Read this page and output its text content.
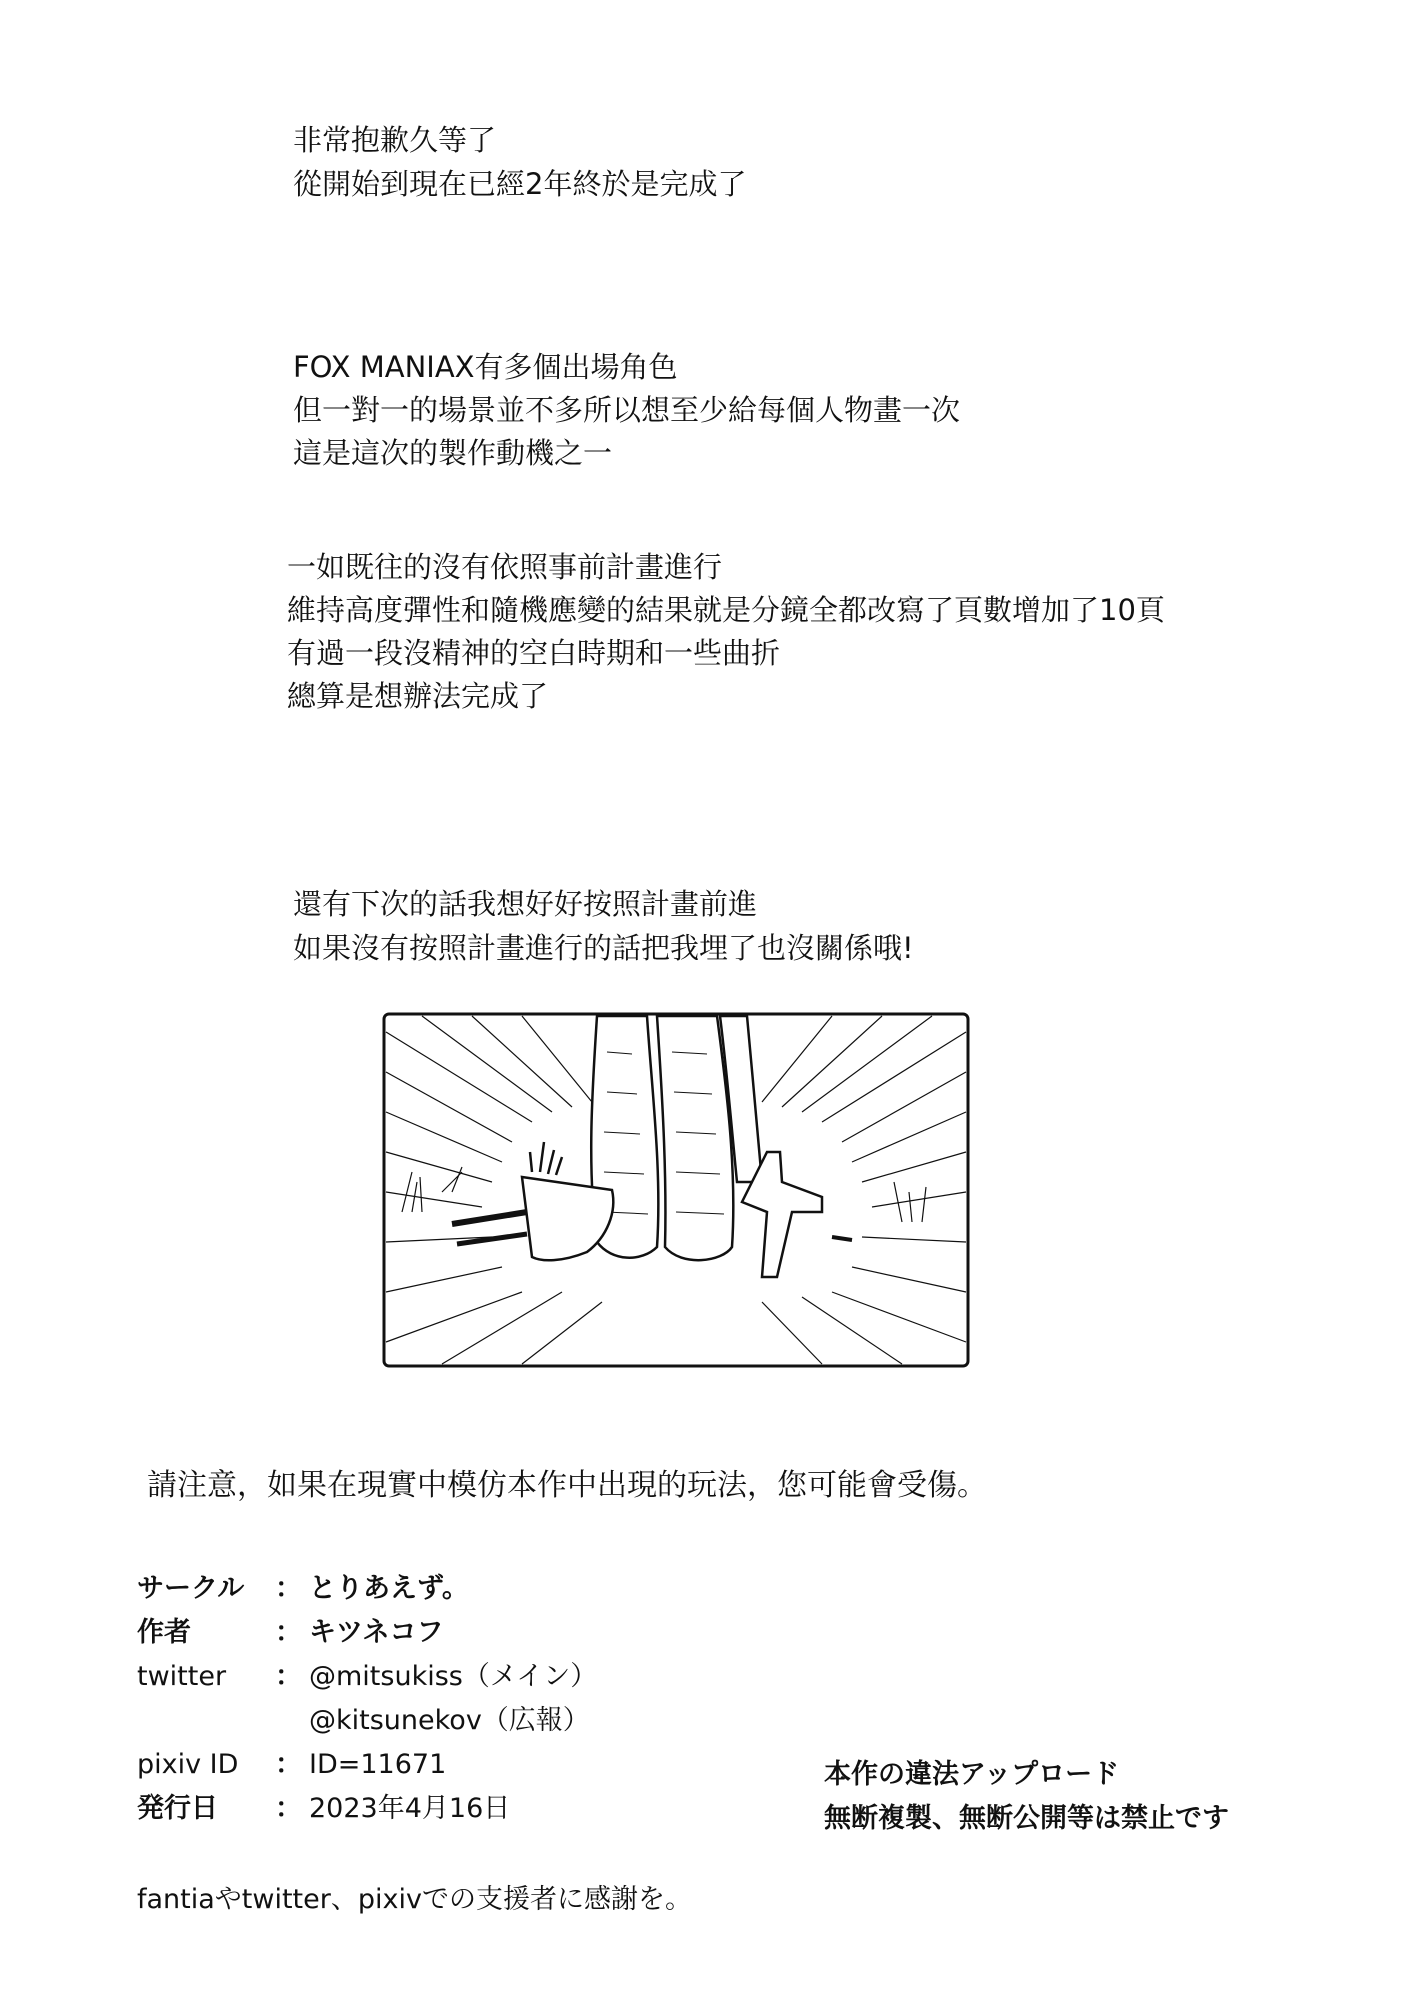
非常抱歉久等了
從開始到現在已經2年終於是完成了
FOX MANIAX有多個出場角色
但一對一的場景並不多所以想至少給每個人物畫一次
這是這次的製作動機之一
一如既往的沒有依照事前計畫進行
維持高度彈性和隨機應變的結果就是分鏡全都改寫了頁數增加了10頁
有過一段沒精神的空白時期和一些曲折
總算是想辦法完成了
還有下次的話我想好好按照計畫前進
如果沒有按照計畫進行的話把我埋了也沒關係哦!
請注意，如果在現實中模仿本作中出現的玩法，您可能會受傷。
サークル	： とりあえず。
作者	： キツネコフ
twitter	： @mitsukiss（メイン）
@kitsunekov（広報）
pixiv ID	： ID=11671
発行日	： 2023年4月16日
本作の違法アップロード
無断複製、無断公開等は禁止です
fantiaやtwitter、pixivでの支援者に感謝を。
